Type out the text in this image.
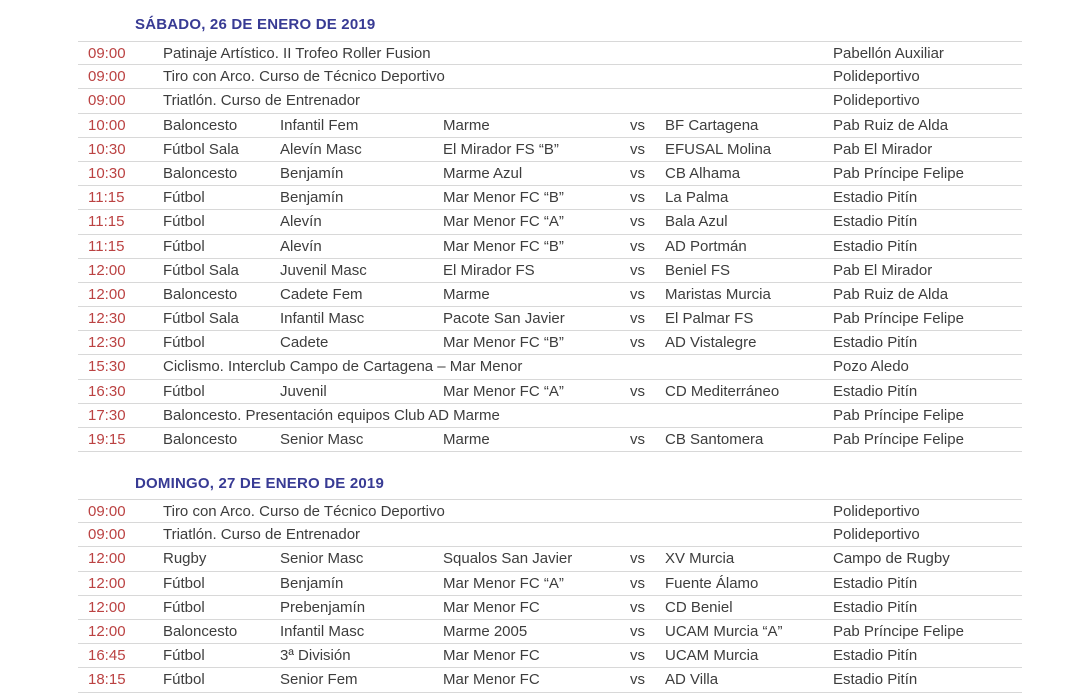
SÁBADO, 26 DE ENERO DE 2019
09:00 Patinaje Artístico. II Trofeo Roller Fusion	Pabellón Auxiliar
09:00 Tiro con Arco. Curso de Técnico Deportivo	Polideportivo
09:00 Triatlón. Curso de Entrenador	Polideportivo
10:00 Baloncesto	Infantil Fem	Marme	vs BF Cartagena	Pab Ruiz de Alda
10:30 Fútbol Sala	Alevín Masc	El Mirador FS “B”	vs EFUSAL Molina	Pab El Mirador
10:30 Baloncesto	Benjamín	Marme Azul	vs CB Alhama	Pab Príncipe Felipe
11:15	Fútbol	Benjamín	Mar Menor FC “B”	vs La Palma	Estadio Pitín
11:15	Fútbol	Alevín	Mar Menor FC “A”	vs Bala Azul	Estadio Pitín
11:15	Fútbol	Alevín	Mar Menor FC “B”	vs AD Portmán	Estadio Pitín
12:00 Fútbol Sala	Juvenil Masc	El Mirador FS	vs Beniel FS	Pab El Mirador
12:00 Baloncesto	Cadete Fem	Marme	vs Maristas Murcia	Pab Ruiz de Alda
12:30 Fútbol Sala	Infantil Masc	Pacote San Javier	vs El Palmar FS	Pab Príncipe Felipe
12:30 Fútbol	Cadete	Mar Menor FC “B”	vs AD Vistalegre	Estadio Pitín
15:30 Ciclismo. Interclub Campo de Cartagena – Mar Menor	Pozo Aledo
16:30 Fútbol	Juvenil	Mar Menor FC “A”	vs CD Mediterráneo	Estadio Pitín
17:30 Baloncesto. Presentación equipos Club AD Marme	Pab Príncipe Felipe
19:15 Baloncesto	Senior Masc	Marme	vs CB Santomera	Pab Príncipe Felipe
DOMINGO, 27 DE ENERO DE 2019
09:00 Tiro con Arco. Curso de Técnico Deportivo	Polideportivo
09:00 Triatlón. Curso de Entrenador	Polideportivo
12:00 Rugby	Senior Masc	Squalos San Javier	vs XV Murcia	Campo de Rugby
12:00 Fútbol	Benjamín	Mar Menor FC “A”	vs Fuente Álamo	Estadio Pitín
12:00 Fútbol	Prebenjamín	Mar Menor FC	vs CD Beniel	Estadio Pitín
12:00 Baloncesto	Infantil Masc	Marme 2005	vs UCAM Murcia “A”	Pab Príncipe Felipe
16:45 Fútbol	3ª División	Mar Menor FC	vs UCAM Murcia	Estadio Pitín
18:15 Fútbol	Senior Fem	Mar Menor FC	vs AD Villa	Estadio Pitín
